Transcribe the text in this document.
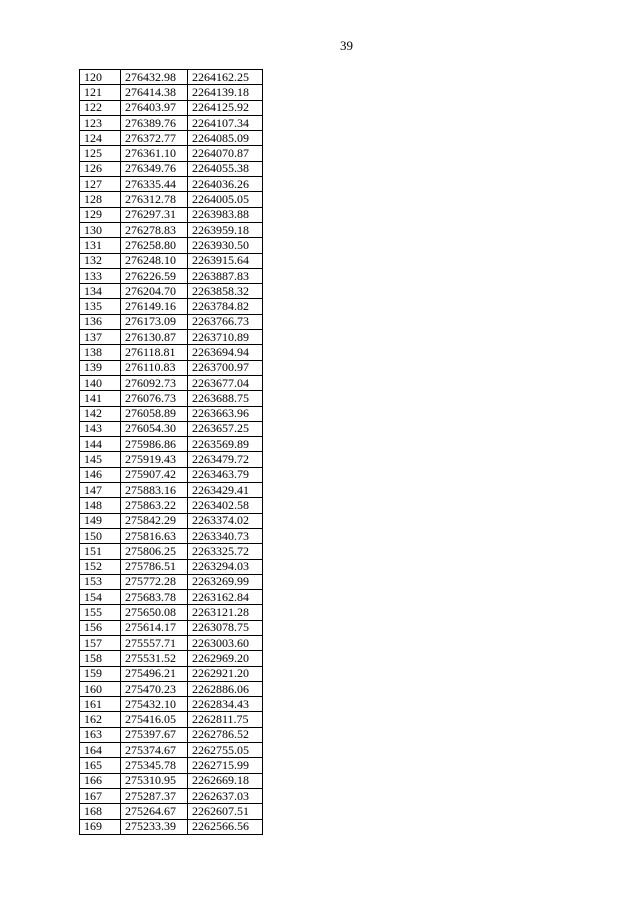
39
120	276432.98	2264162.25
121	276414.38	2264139.18
122	276403.97	2264125.92
123	276389.76	2264107.34
124	276372.77	2264085.09
125	276361.10	2264070.87
126	276349.76	2264055.38
127	276335.44	2264036.26
128	276312.78	2264005.05
129	276297.31	2263983.88
130	276278.83	2263959.18
131	276258.80	2263930.50
132	276248.10	2263915.64
133	276226.59	2263887.83
134	276204.70	2263858.32
135	276149.16	2263784.82
136	276173.09	2263766.73
137	276130.87	2263710.89
138	276118.81	2263694.94
139	276110.83	2263700.97
140	276092.73	2263677.04
141	276076.73	2263688.75
142	276058.89	2263663.96
143	276054.30	2263657.25
144	275986.86	2263569.89
145	275919.43	2263479.72
146	275907.42	2263463.79
147	275883.16	2263429.41
148	275863.22	2263402.58
149	275842.29	2263374.02
150	275816.63	2263340.73
151	275806.25	2263325.72
152	275786.51	2263294.03
153	275772.28	2263269.99
154	275683.78	2263162.84
155	275650.08	2263121.28
156	275614.17	2263078.75
157	275557.71	2263003.60
158	275531.52	2262969.20
159	275496.21	2262921.20
160	275470.23	2262886.06
161	275432.10	2262834.43
162	275416.05	2262811.75
163	275397.67	2262786.52
164	275374.67	2262755.05
165	275345.78	2262715.99
166	275310.95	2262669.18
167	275287.37	2262637.03
168	275264.67	2262607.51
169	275233.39	2262566.56
